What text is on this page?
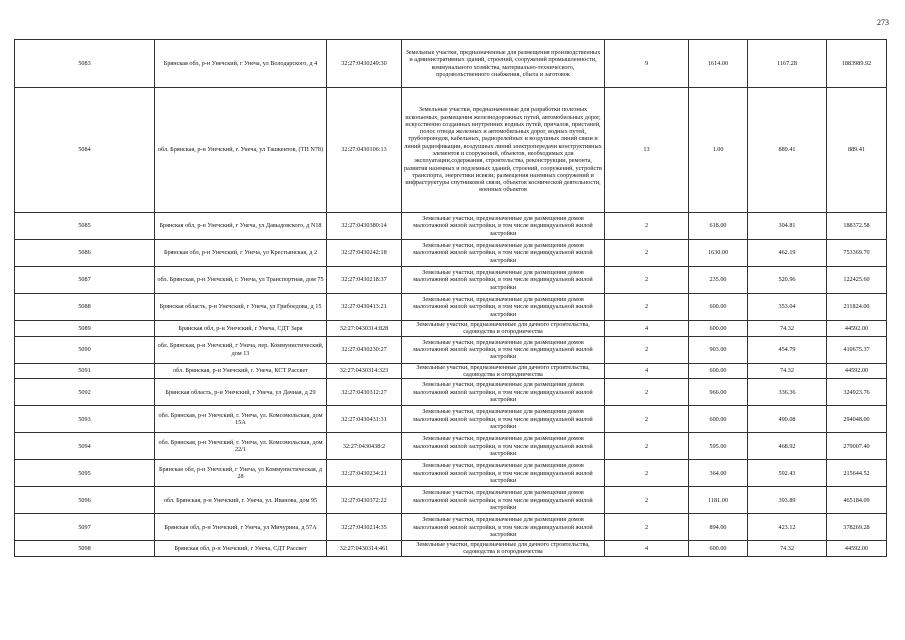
273
5083	Брянская обл, р-н Унечский, г Унеча, ул Володарского, д 4	32:27:0430249:30	Земельные участки, предназначенные для размещения производственных и административных зданий, строений, сооружений промышленности, коммунального хозяйства, материально-технического, продовольственного снабжения, сбыта и заготовок	9	1614.00	1167.28	1883989.92
5084	обл. Брянская, р-н Унечский, г. Унеча, ул Ташкентов, (ТП N78)	32:27:0430106:13	Земельные участки, предназначенные для разработки полезных ископаемых, размещения железнодорожных путей, автомобильных дорог, искусственно созданных внутренних водных путей, причалов, пристаней, полос отвода железных и автомобильных дорог, водных путей, трубопроводов, кабельных, радиорелейных и воздушных линий связи и линий радиофикации, воздушных линий электропередачи конструктивных элементов и сооружений, объектов, необходимых для эксплуатации,содержания, строительства, реконструкции, ремонта, развития наземных и подземных зданий, строений, сооружений, устройств транспорта, энергетики исвязи; размещения наземных сооружений и инфраструктуры спутниковой связи, объектов космической деятельности, военных объектов	13	1.00	889.41	889.41
5085	Брянская обл, р-н Унечский, г Унеча, ул Давыдовского, д N18	32:27:0430380:14	Земельные участки, предназначенные для размещения домов малоэтажной жилой застройки, в том числе индивидуальной жилой застройки	2	618.00	304.81	188372.58
5086	Брянская обл, р-н Унечский, г Унеча, ул Крестьянская, д 2	32:27:0430242:18	Земельные участки, предназначенные для размещения домов малоэтажной жилой застройки, в том числе индивидуальной жилой застройки	2	1630.00	462.19	753369.70
5087	обл. Брянская, р-н Унечский, г. Унеча, ул Транспортная, дом 75	32:27:0430218:37	Земельные участки, предназначенные для размещения домов малоэтажной жилой застройки, в том числе индивидуальной жилой застройки	2	235.00	520.96	122425.60
5088	Брянская область, р-н Унечский, г Унеча, ул Грибоедова, д 15	32:27:0430413:21	Земельные участки, предназначенные для размещения домов малоэтажной жилой застройки, в том числе индивидуальной жилой застройки	2	600.00	353.04	211824.00
5089	Брянская обл, р-н Унечский, г Унеча, СДТ Заря	32:27:0430314:828	Земельные участки, предназначенные для дачного строительства, садоводства и огородничества	4	600.00	74.32	44592.00
5090	обл. Брянская, р-н Унечский, г Унеча, пер. Коммунистический, дом 13	32:27:0430230:27	Земельные участки, предназначенные для размещения домов малоэтажной жилой застройки, в том числе индивидуальной жилой застройки	2	903.00	454.79	410675.37
5091	обл. Брянская, р-н Унечский, г. Унеча, КСТ Рассвет	32:27:0430314:323	Земельные участки, предназначенные для дачного строительства, садоводства и огородничества	4	600.00	74.32	44592.00
5092	Брянская область, р-н Унечский, г Унеча, ул Дачная, д 29	32:27:0430312:27	Земельные участки, предназначенные для размещения домов малоэтажной жилой застройки, в том числе индивидуальной жилой застройки	2	966.00	336.36	324923.76
5093	обл. Брянская, р-н Унечский, г. Унеча, ул. Комсомольская, дом 15А	32:27:0430431:31	Земельные участки, предназначенные для размещения домов малоэтажной жилой застройки, в том числе индивидуальной жилой застройки	2	600.00	490.08	294048.00
5094	обл. Брянская, р-н Унечский, г. Унеча, ул. Комсомольская, дом 22/1	32:27:0430438:2	Земельные участки, предназначенные для размещения домов малоэтажной жилой застройки, в том числе индивидуальной жилой застройки	2	595.00	468.92	279007.40
5095	Брянская обл, р-н Унечский, г Унеча, ул Коммунистическая, д 28	32:27:0430234:21	Земельные участки, предназначенные для размещения домов малоэтажной жилой застройки, в том числе индивидуальной жилой застройки	2	364.00	592.43	215644.52
5096	обл. Брянская, р-н Унечский, г. Унеча, ул. Иванова, дом 95	32:27:0430372:22	Земельные участки, предназначенные для размещения домов малоэтажной жилой застройки, в том числе индивидуальной жилой застройки	2	1181.00	393.89	465184.09
5097	Брянская обл, р-н Унечский, г Унеча, ул Мичурина, д 57А	32:27:0430214:35	Земельные участки, предназначенные для размещения домов малоэтажной жилой застройки, в том числе индивидуальной жилой застройки	2	894.00	423.12	378269.28
5098	Брянская обл, р-н Унечский, г Унеча, СДТ Рассвет	32:27:0430314:461	Земельные участки, предназначенные для дачного строительства, садоводства и огородничества	4	600.00	74.32	44592.00
